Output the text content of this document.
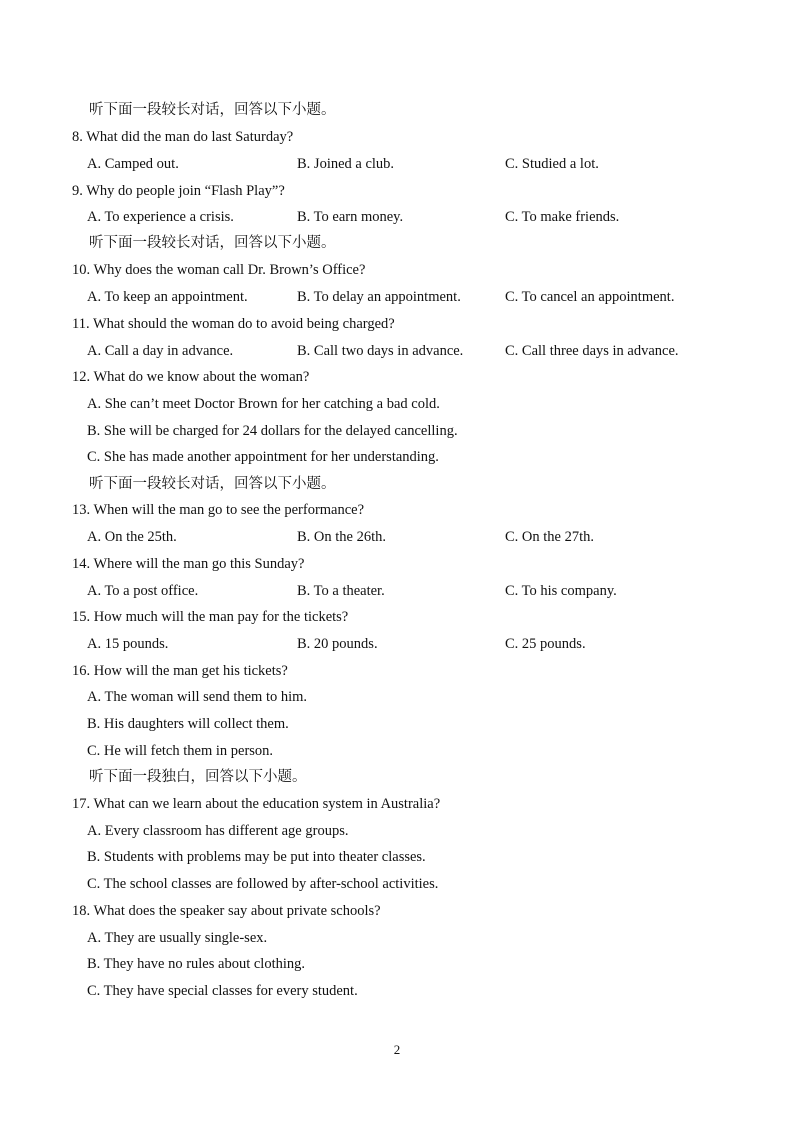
听下面一段较长对话，回答以下小题。
8. What did the man do last Saturday?
A. Camped out.	B. Joined a club.	C. Studied a lot.
9. Why do people join “Flash Play”?
A. To experience a crisis.	B. To earn money.	C. To make friends.
听下面一段较长对话，回答以下小题。
10. Why does the woman call Dr. Brown’s Office?
A. To keep an appointment.	B. To delay an appointment.	C. To cancel an appointment.
11. What should the woman do to avoid being charged?
A. Call a day in advance.	B. Call two days in advance.	C. Call three days in advance.
12. What do we know about the woman?
A. She can’t meet Doctor Brown for her catching a bad cold.
B. She will be charged for 24 dollars for the delayed cancelling.
C. She has made another appointment for her understanding.
听下面一段较长对话，回答以下小题。
13. When will the man go to see the performance?
A. On the 25th.	B. On the 26th.	C. On the 27th.
14. Where will the man go this Sunday?
A. To a post office.	B. To a theater.	C. To his company.
15. How much will the man pay for the tickets?
A. 15 pounds.	B. 20 pounds.	C. 25 pounds.
16. How will the man get his tickets?
A. The woman will send them to him.
B. His daughters will collect them.
C. He will fetch them in person.
听下面一段独白，回答以下小题。
17. What can we learn about the education system in Australia?
A. Every classroom has different age groups.
B. Students with problems may be put into theater classes.
C. The school classes are followed by after-school activities.
18. What does the speaker say about private schools?
A. They are usually single-sex.
B. They have no rules about clothing.
C. They have special classes for every student.
2
